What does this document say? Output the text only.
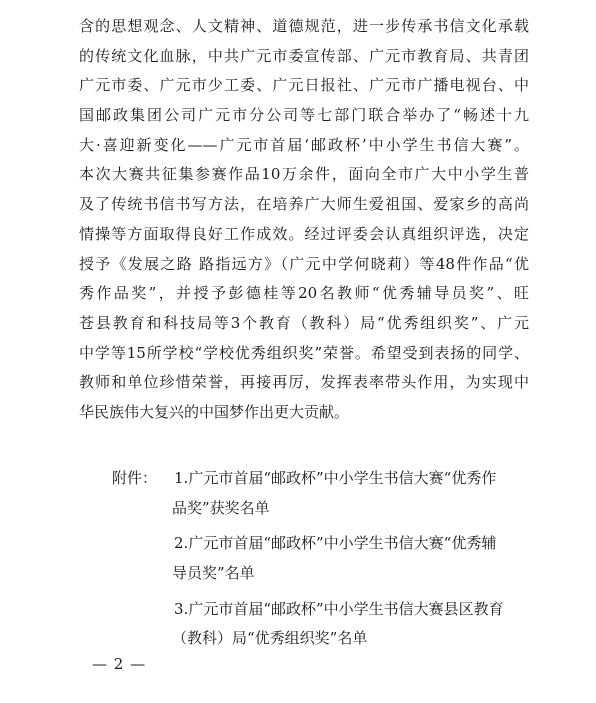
含的思想观念、人文精神、道德规范，进一步传承书信文化承载
的传统文化血脉，中共广元市委宣传部、广元市教育局、共青团
广元市委、广元市少工委、广元日报社、广元市广播电视台、中
国邮政集团公司广元市分公司等七部门联合举办了“畅述十九
大·喜迎新变化——广元市首届‘邮政杯’中小学生书信大赛”。
本次大赛共征集参赛作品10万余件，面向全市广大中小学生普
及了传统书信书写方法，在培养广大师生爱祖国、爱家乡的高尚
情操等方面取得良好工作成效。经过评委会认真组织评选，决定
授予《发展之路 路指远方》（广元中学何晓莉）等48件作品“优
秀作品奖”，并授予彭德桂等20名教师“优秀辅导员奖”、旺
苍县教育和科技局等3个教育（教科）局“优秀组织奖”、广元
中学等15所学校“学校优秀组织奖”荣誉。希望受到表扬的同学、
教师和单位珍惜荣誉，再接再厉，发挥表率带头作用，为实现中
华民族伟大复兴的中国梦作出更大贡献。
附件： 1.广元市首届“邮政杯”中小学生书信大赛“优秀作
品奖”获奖名单
2.广元市首届“邮政杯”中小学生书信大赛“优秀辅
导员奖”名单
3.广元市首届“邮政杯”中小学生书信大赛县区教育
（教科）局“优秀组织奖”名单
— 2 —
